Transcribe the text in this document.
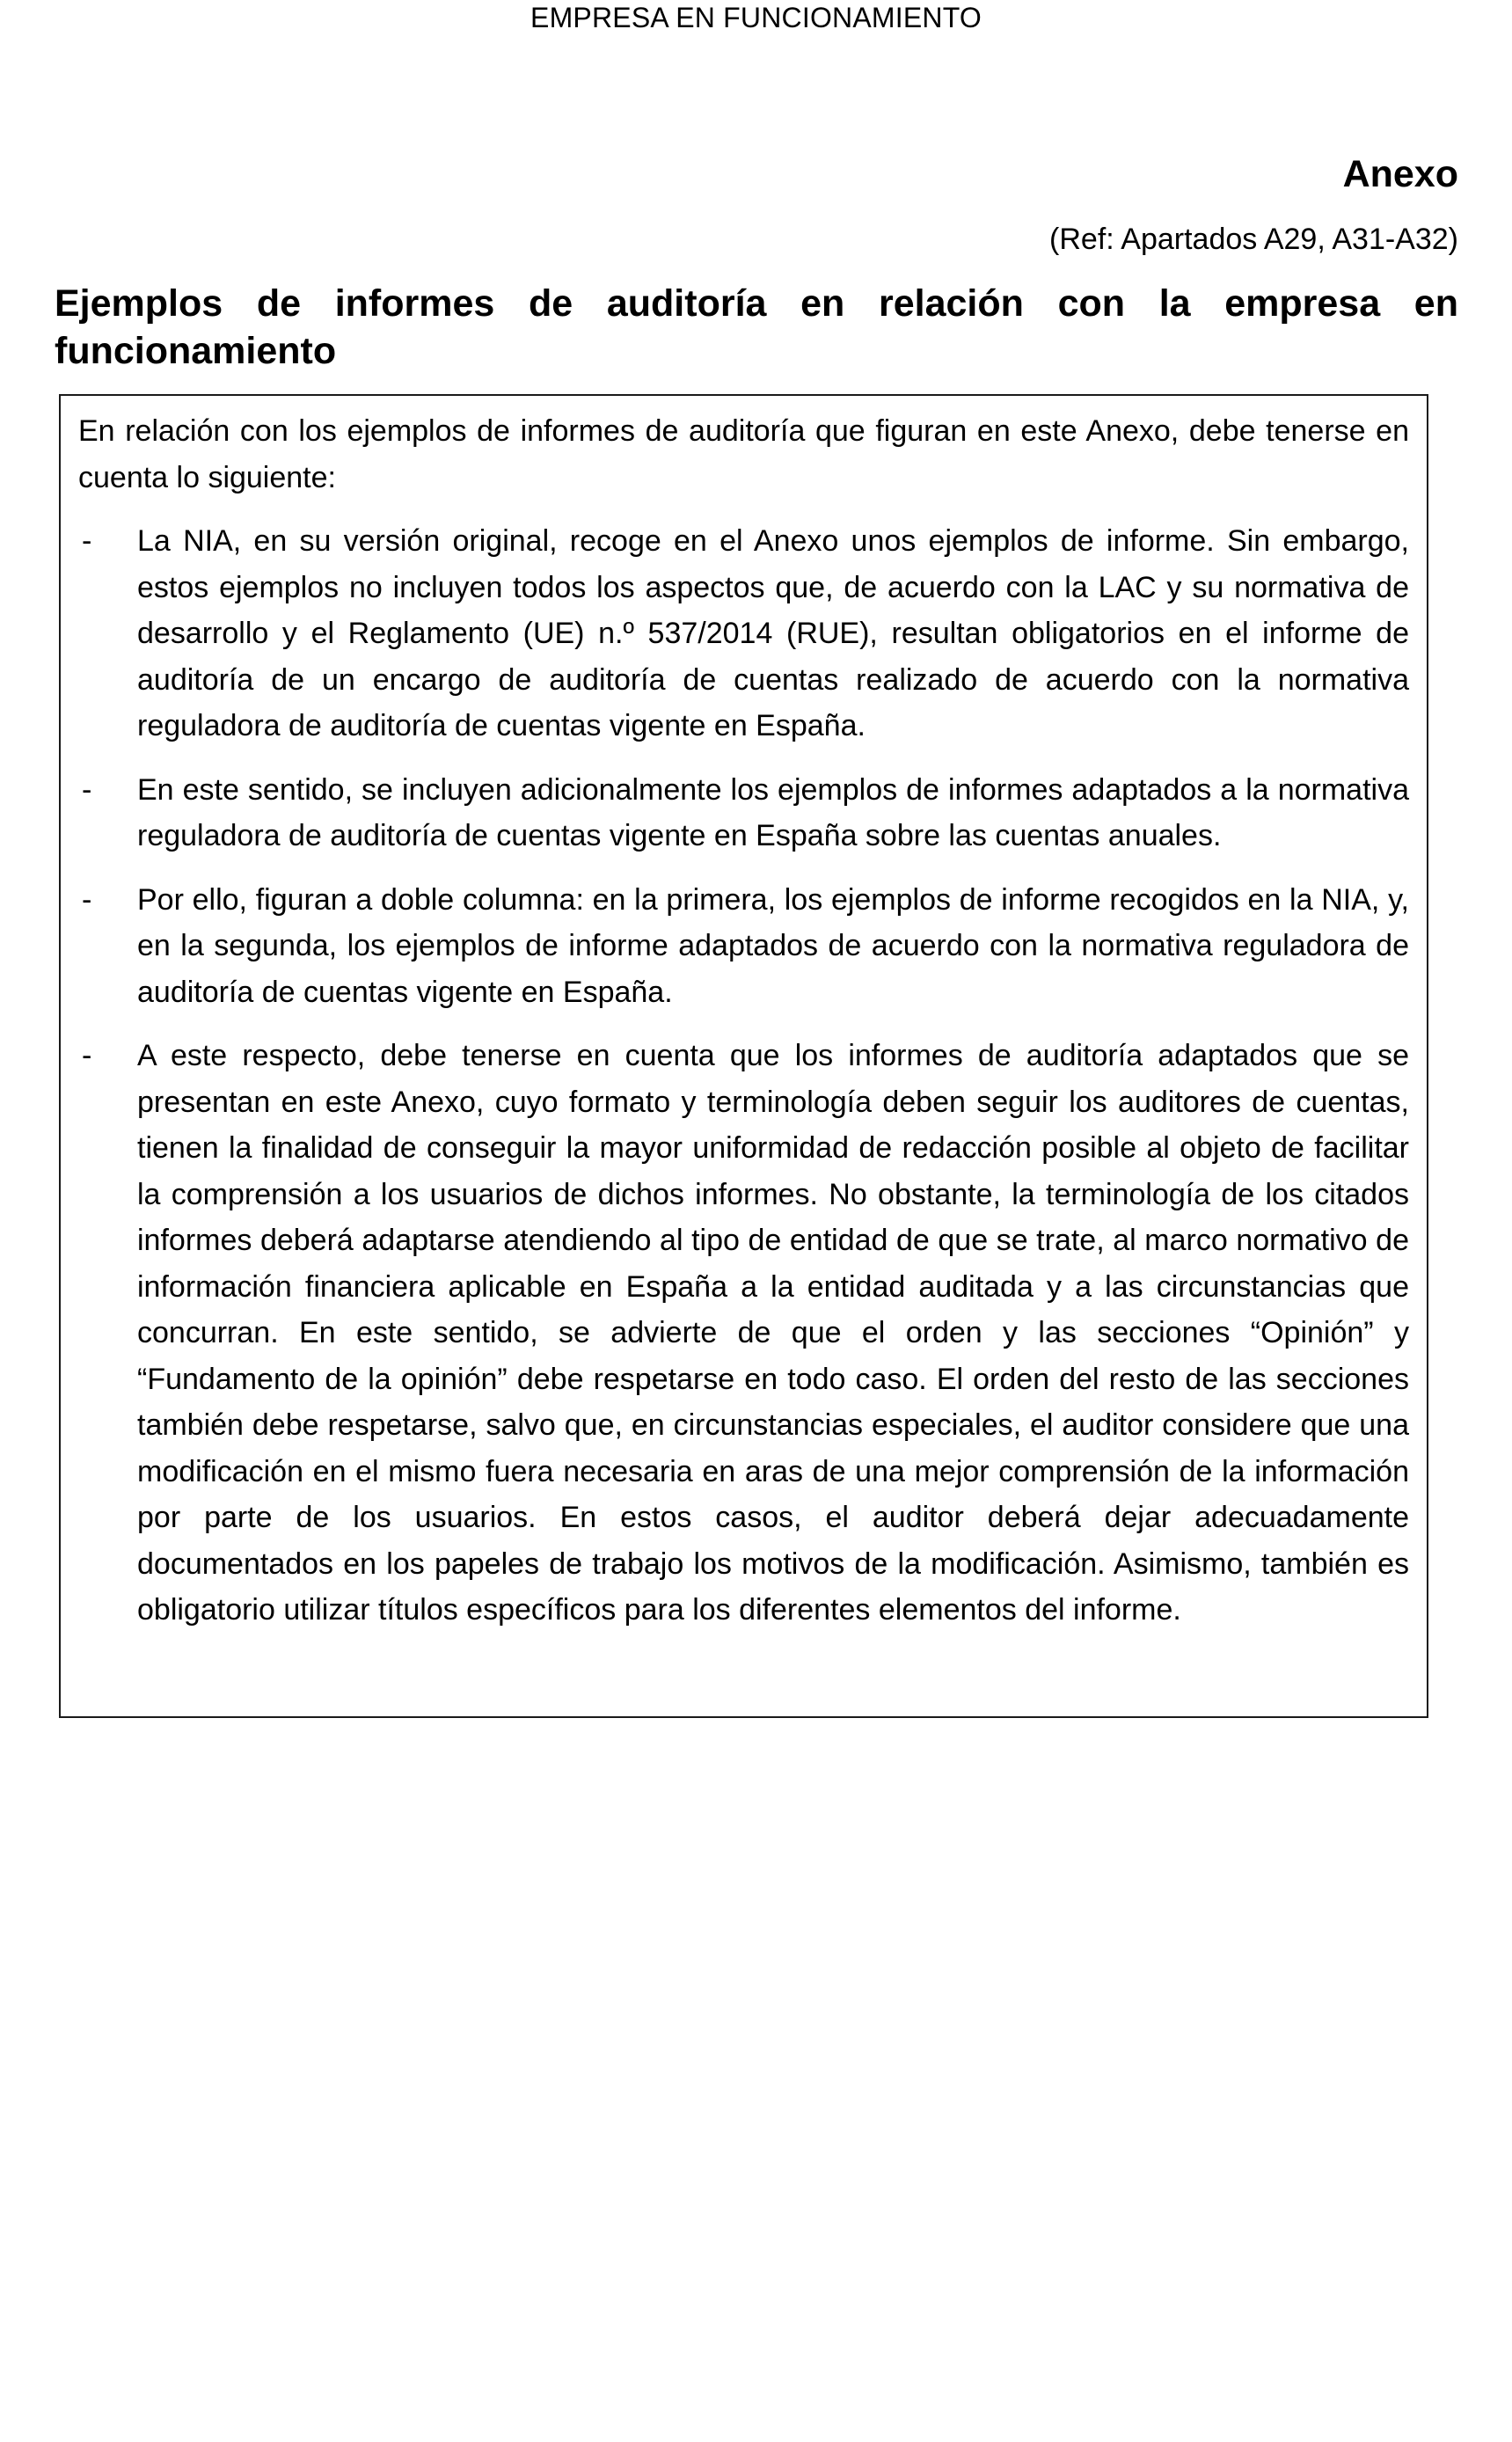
EMPRESA EN FUNCIONAMIENTO
Anexo
(Ref: Apartados A29, A31-A32)
Ejemplos de informes de auditoría en relación con la empresa en funcionamiento

En relación con los ejemplos de informes de auditoría que figuran en este Anexo, debe tenerse en cuenta lo siguiente:

- La NIA, en su versión original, recoge en el Anexo unos ejemplos de informe. Sin embargo, estos ejemplos no incluyen todos los aspectos que, de acuerdo con la LAC y su normativa de desarrollo y el Reglamento (UE) n.º 537/2014 (RUE), resultan obligatorios en el informe de auditoría de un encargo de auditoría de cuentas realizado de acuerdo con la normativa reguladora de auditoría de cuentas vigente en España.
- En este sentido, se incluyen adicionalmente los ejemplos de informes adaptados a la normativa reguladora de auditoría de cuentas vigente en España sobre las cuentas anuales.
- Por ello, figuran a doble columna: en la primera, los ejemplos de informe recogidos en la NIA, y, en la segunda, los ejemplos de informe adaptados de acuerdo con la normativa reguladora de auditoría de cuentas vigente en España.
- A este respecto, debe tenerse en cuenta que los informes de auditoría adaptados que se presentan en este Anexo, cuyo formato y terminología deben seguir los auditores de cuentas, tienen la finalidad de conseguir la mayor uniformidad de redacción posible al objeto de facilitar la comprensión a los usuarios de dichos informes. No obstante, la terminología de los citados informes deberá adaptarse atendiendo al tipo de entidad de que se trate, al marco normativo de información financiera aplicable en España a la entidad auditada y a las circunstancias que concurran. En este sentido, se advierte de que el orden y las secciones “Opinión” y “Fundamento de la opinión” debe respetarse en todo caso. El orden del resto de las secciones también debe respetarse, salvo que, en circunstancias especiales, el auditor considere que una modificación en el mismo fuera necesaria en aras de una mejor comprensión de la información por parte de los usuarios. En estos casos, el auditor deberá dejar adecuadamente documentados en los papeles de trabajo los motivos de la modificación. Asimismo, también es obligatorio utilizar títulos específicos para los diferentes elementos del informe.
